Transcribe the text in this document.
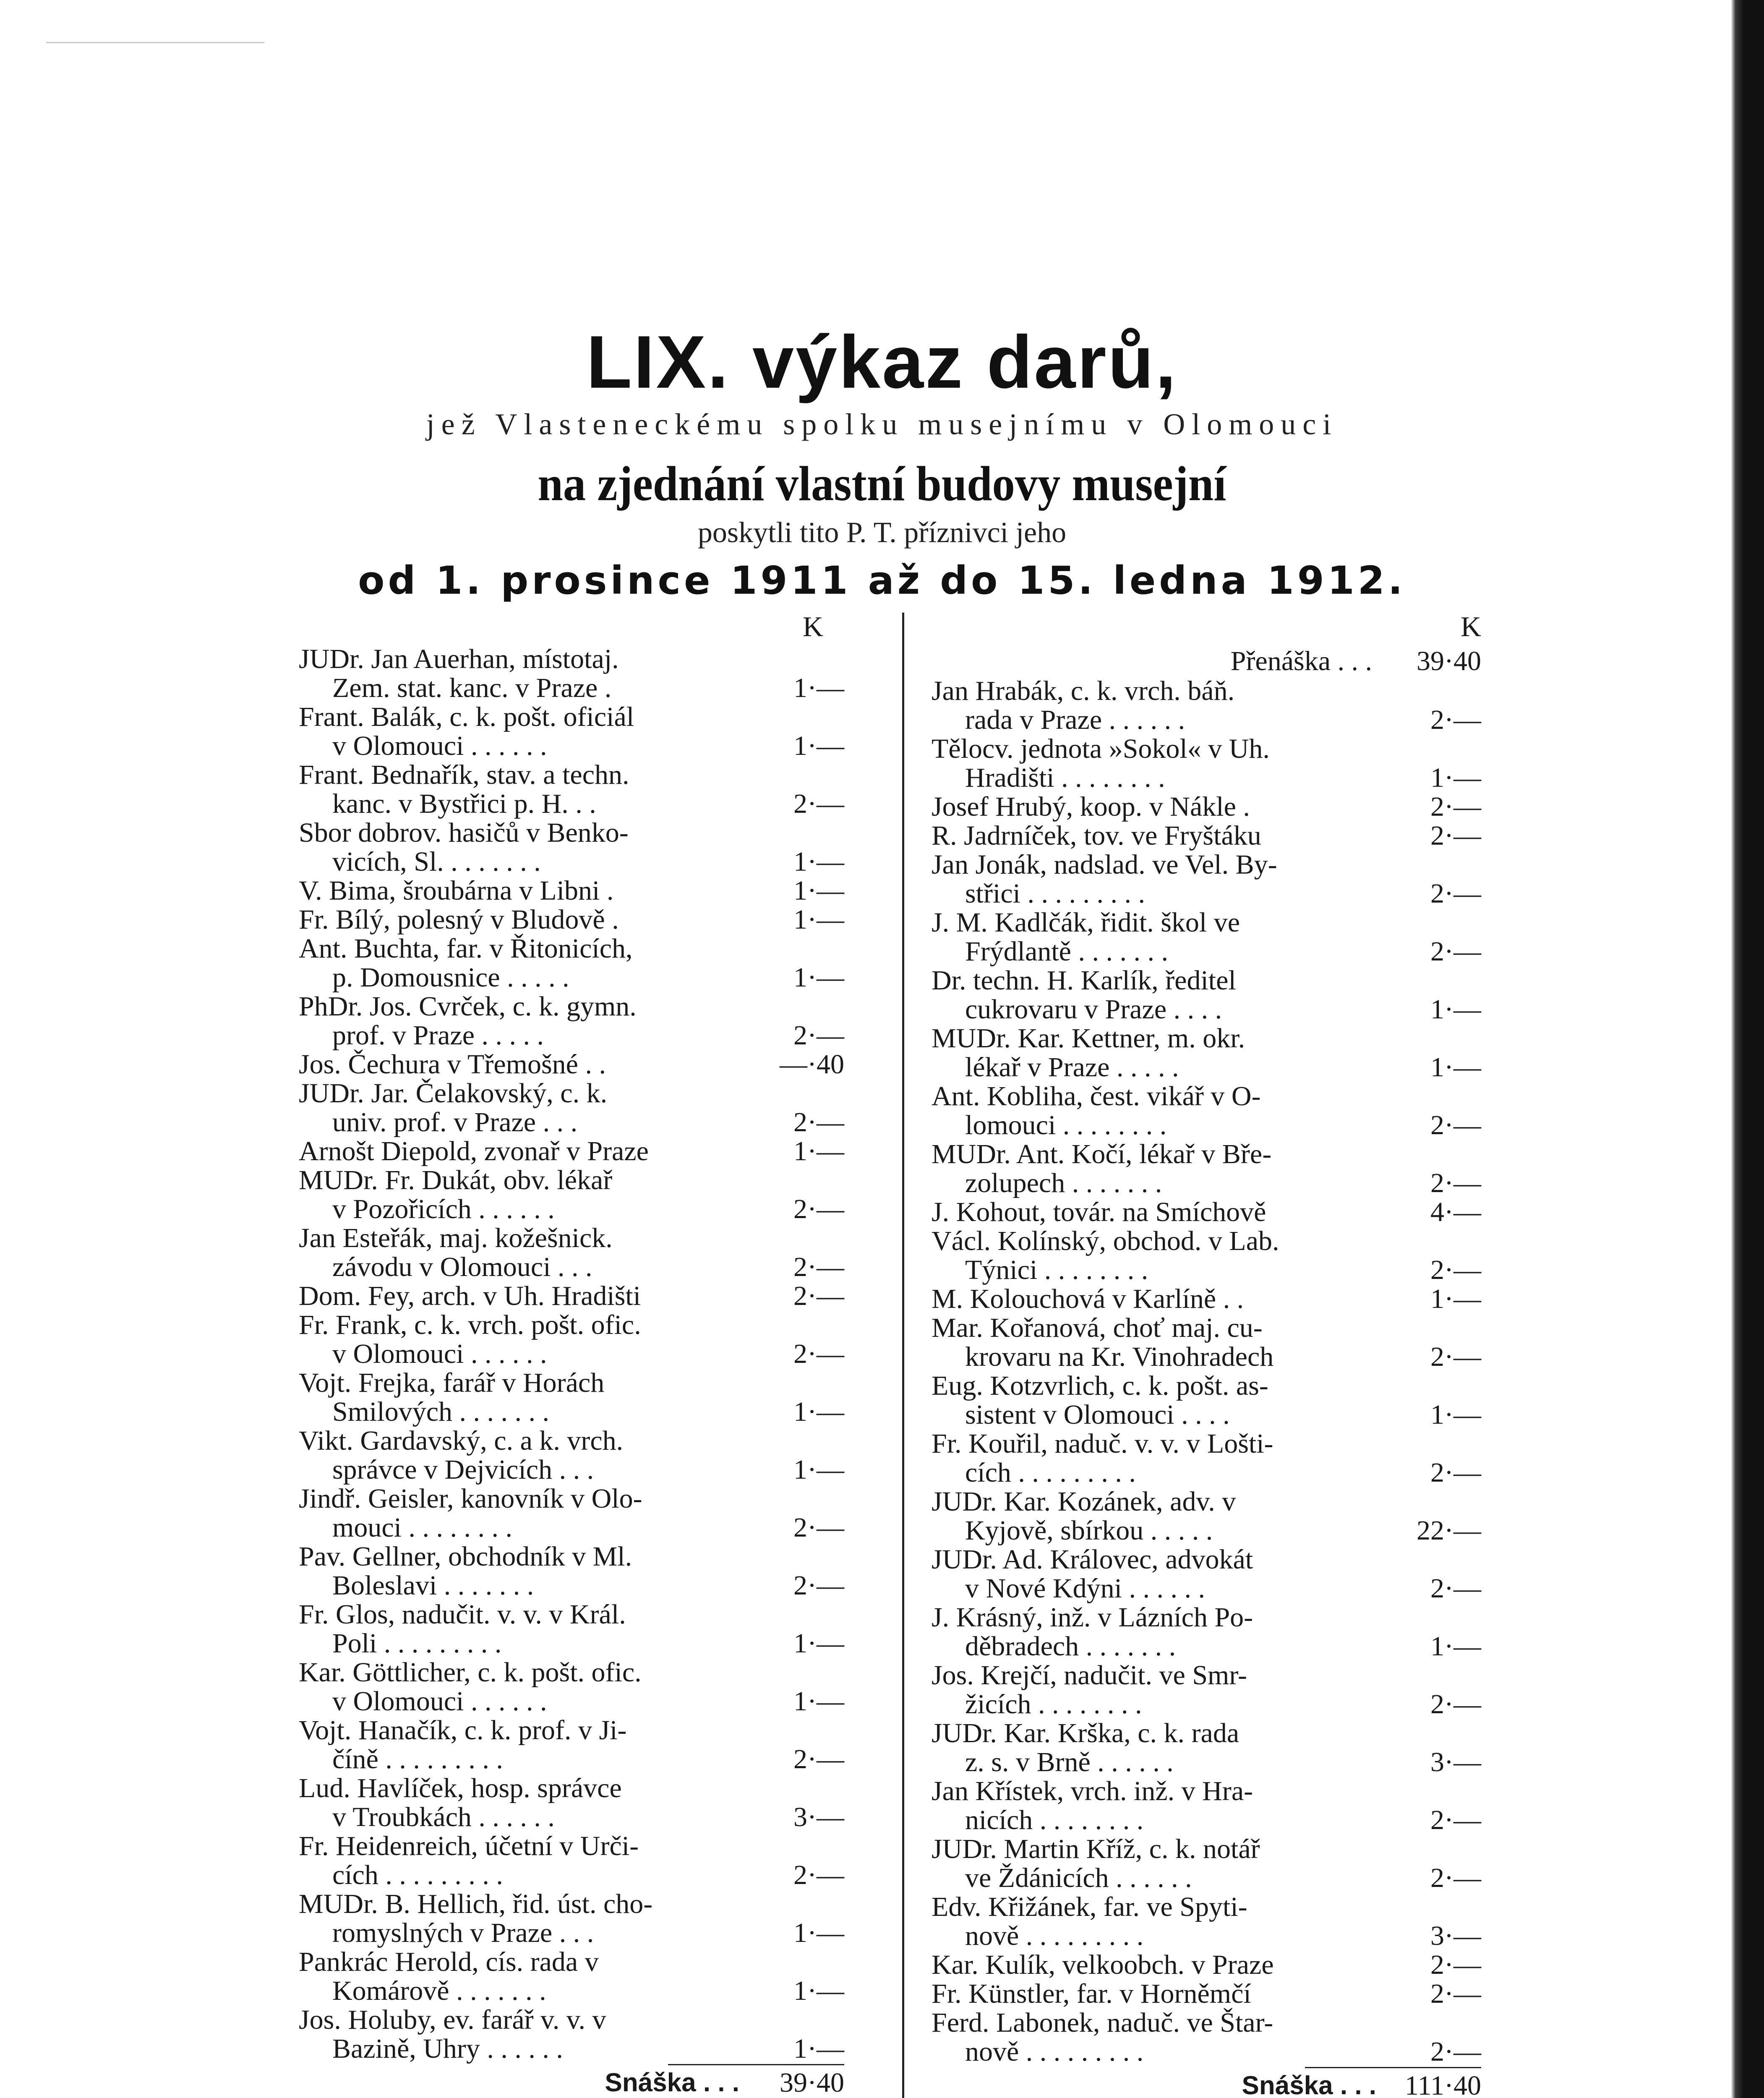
LIX. výkaz darů,
jež Vlasteneckému spolku musejnímu v Olomouci
na zjednání vlastní budovy musejní
poskytli tito P. T. příznivci jeho
od 1. prosince 1911 až do 15. ledna 1912.
K
JUDr. Jan Auerhan, místotaj.
Zem. stat. kanc. v Praze .	1·—
Frant. Balák, c. k. pošt. oficiál
v Olomouci . . . . . .	1·—
Frant. Bednařík, stav. a techn.
kanc. v Bystřici p. H. . .	2·—
Sbor dobrov. hasičů v Benko-
vicích, Sl. . . . . . . .	1·—
V. Bima, šroubárna v Libni .	1·—
Fr. Bílý, polesný v Bludově .	1·—
Ant. Buchta, far. v Řitonicích,
p. Domousnice . . . . .	1·—
PhDr. Jos. Cvrček, c. k. gymn.
prof. v Praze . . . . .	2·—
Jos. Čechura v Třemošné . .	—·40
JUDr. Jar. Čelakovský, c. k.
univ. prof. v Praze . . .	2·—
Arnošt Diepold, zvonař v Praze	1·—
MUDr. Fr. Dukát, obv. lékař
v Pozořicích . . . . . .	2·—
Jan Esteřák, maj. kožešnick.
závodu v Olomouci . . .	2·—
Dom. Fey, arch. v Uh. Hradišti	2·—
Fr. Frank, c. k. vrch. pošt. ofic.
v Olomouci . . . . . .	2·—
Vojt. Frejka, farář v Horách
Smilových . . . . . . .	1·—
Vikt. Gardavský, c. a k. vrch.
správce v Dejvicích . . .	1·—
Jindř. Geisler, kanovník v Olo-
mouci . . . . . . . .	2·—
Pav. Gellner, obchodník v Ml.
Boleslavi . . . . . . .	2·—
Fr. Glos, nadučit. v. v. v Král.
Poli . . . . . . . . .	1·—
Kar. Göttlicher, c. k. pošt. ofic.
v Olomouci . . . . . .	1·—
Vojt. Hanačík, c. k. prof. v Ji-
číně . . . . . . . . .	2·—
Lud. Havlíček, hosp. správce
v Troubkách . . . . . .	3·—
Fr. Heidenreich, účetní v Urči-
cích . . . . . . . . .	2·—
MUDr. B. Hellich, řid. úst. cho-
romyslných v Praze . . .	1·—
Pankrác Herold, cís. rada v
Komárově . . . . . . .	1·—
Jos. Holuby, ev. farář v. v. v
Bazině, Uhry . . . . . .	1·—
Snáška . . .	39·40
K
Přenáška . . .	39·40
Jan Hrabák, c. k. vrch. báň.
rada v Praze . . . . . .	2·—
Tělocv. jednota »Sokol« v Uh.
Hradišti . . . . . . . .	1·—
Josef Hrubý, koop. v Nákle .	2·—
R. Jadrníček, tov. ve Fryštáku	2·—
Jan Jonák, nadslad. ve Vel. By-
střici . . . . . . . . .	2·—
J. M. Kadlčák, řidit. škol ve
Frýdlantě . . . . . . .	2·—
Dr. techn. H. Karlík, ředitel
cukrovaru v Praze . . . .	1·—
MUDr. Kar. Kettner, m. okr.
lékař v Praze . . . . .	1·—
Ant. Kobliha, čest. vikář v O-
lomouci . . . . . . . .	2·—
MUDr. Ant. Kočí, lékař v Bře-
zolupech . . . . . . .	2·—
J. Kohout, továr. na Smíchově	4·—
Václ. Kolínský, obchod. v Lab.
Týnici . . . . . . . .	2·—
M. Kolouchová v Karlíně . .	1·—
Mar. Kořanová, choť maj. cu-
krovaru na Kr. Vinohradech	2·—
Eug. Kotzvrlich, c. k. pošt. as-
sistent v Olomouci . . . .	1·—
Fr. Kouřil, naduč. v. v. v Lošti-
cích . . . . . . . . .	2·—
JUDr. Kar. Kozánek, adv. v
Kyjově, sbírkou . . . . .	22·—
JUDr. Ad. Královec, advokát
v Nové Kdýni . . . . . .	2·—
J. Krásný, inž. v Lázních Po-
děbradech . . . . . . .	1·—
Jos. Krejčí, nadučit. ve Smr-
žicích . . . . . . . .	2·—
JUDr. Kar. Krška, c. k. rada
z. s. v Brně . . . . . .	3·—
Jan Křístek, vrch. inž. v Hra-
nicích . . . . . . . .	2·—
JUDr. Martin Kříž, c. k. notář
ve Ždánicích . . . . . .	2·—
Edv. Křižánek, far. ve Spyti-
nově . . . . . . . . .	3·—
Kar. Kulík, velkoobch. v Praze	2·—
Fr. Künstler, far. v Horněmčí	2·—
Ferd. Labonek, naduč. ve Štar-
nově . . . . . . . . .	2·—
Snáška . . .	111·40
